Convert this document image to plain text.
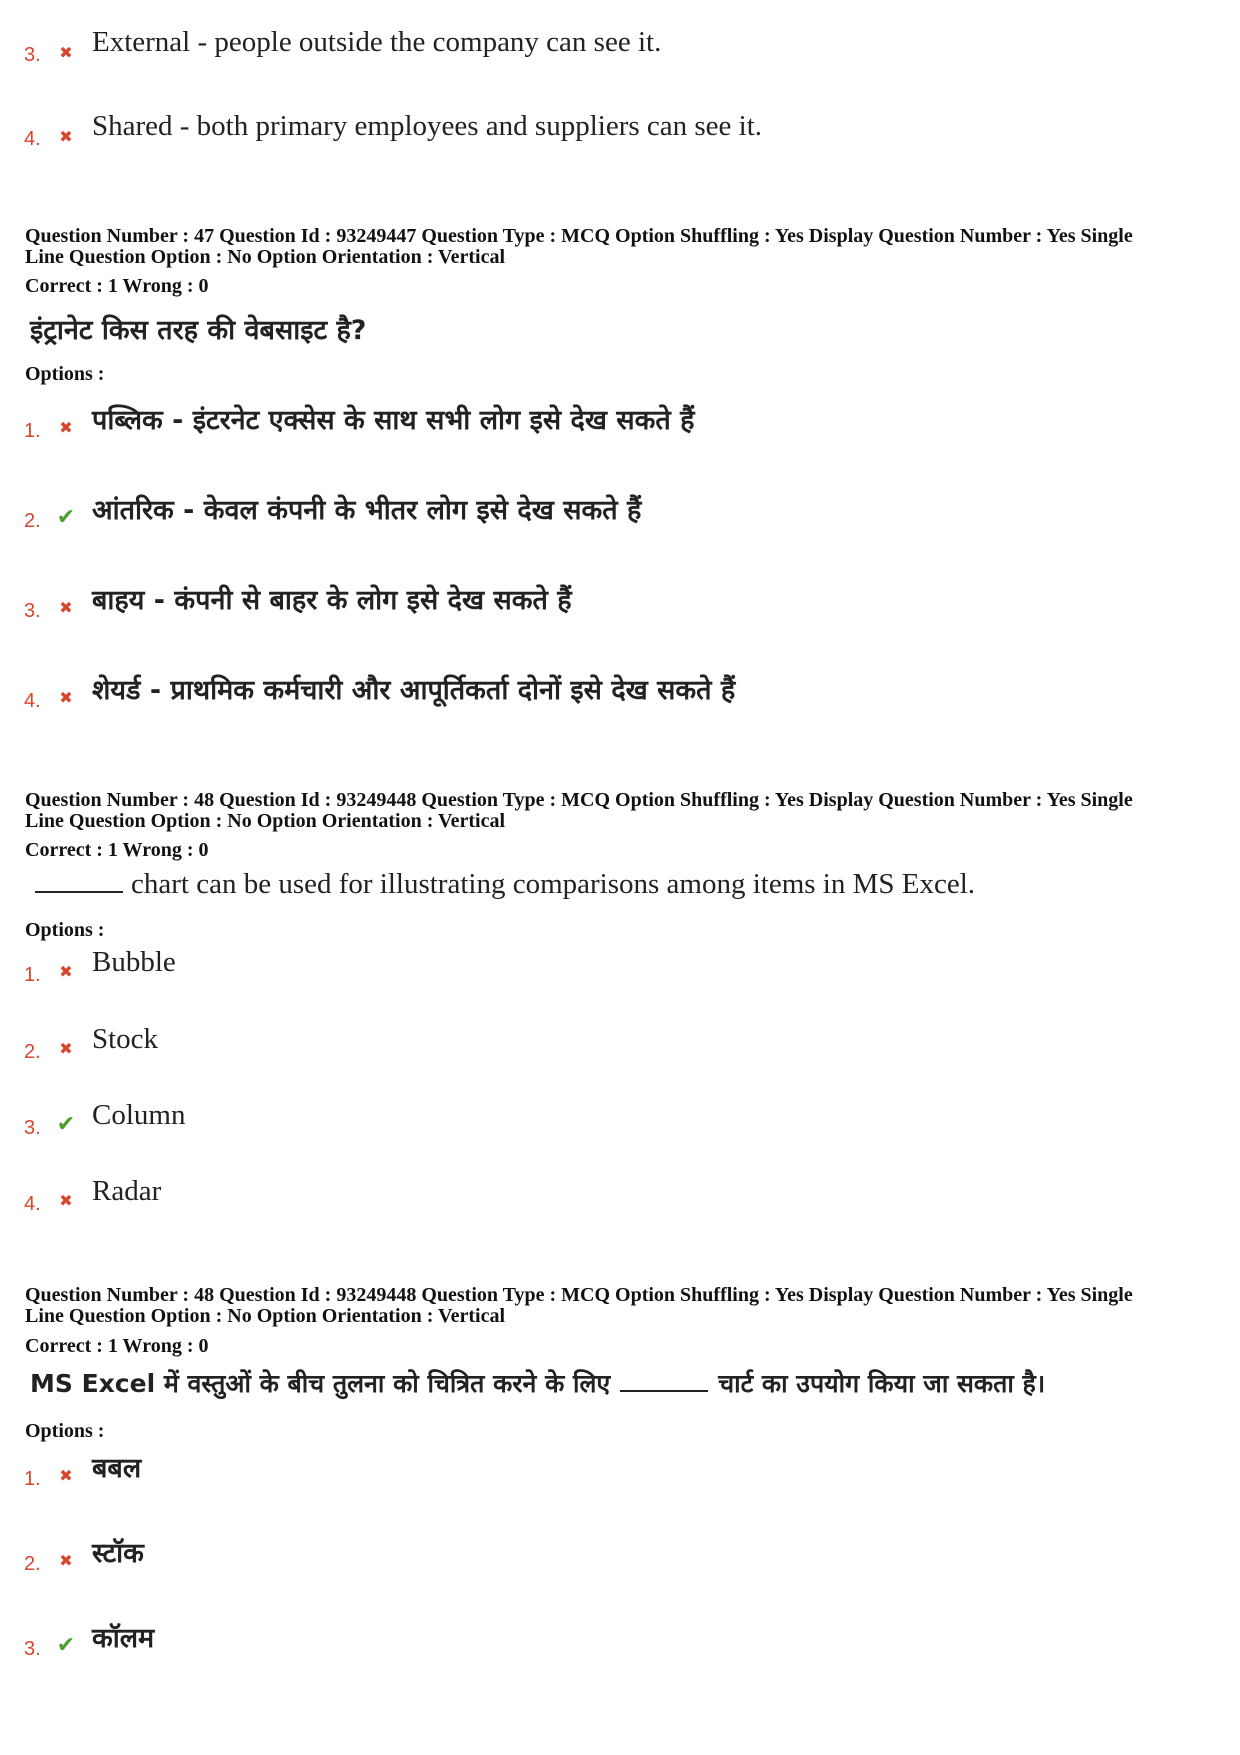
3. ✖ External - people outside the company can see it.
4. ✖ Shared - both primary employees and suppliers can see it.
Question Number : 47 Question Id : 93249447 Question Type : MCQ Option Shuffling : Yes Display Question Number : Yes Single
Line Question Option : No Option Orientation : Vertical
Correct : 1 Wrong : 0
इंट्रानेट किस तरह की वेबसाइट है?
Options :
1. ✖ पब्लिक - इंटरनेट एक्सेस के साथ सभी लोग इसे देख सकते हैं
2. ✔ आंतरिक - केवल कंपनी के भीतर लोग इसे देख सकते हैं
3. ✖ बाहय - कंपनी से बाहर के लोग इसे देख सकते हैं
4. ✖ शेयर्ड - प्राथमिक कर्मचारी और आपूर्तिकर्ता दोनों इसे देख सकते हैं
Question Number : 48 Question Id : 93249448 Question Type : MCQ Option Shuffling : Yes Display Question Number : Yes Single
Line Question Option : No Option Orientation : Vertical
Correct : 1 Wrong : 0
chart can be used for illustrating comparisons among items in MS Excel.
Options :
1. ✖ Bubble
2. ✖ Stock
3. ✔ Column
4. ✖ Radar
Question Number : 48 Question Id : 93249448 Question Type : MCQ Option Shuffling : Yes Display Question Number : Yes Single
Line Question Option : No Option Orientation : Vertical
Correct : 1 Wrong : 0
MS Excel में वस्तुओं के बीच तुलना को चित्रित करने के लिए	चार्ट का उपयोग किया जा सकता है।
Options :
1. ✖ बबल
2. ✖ स्टॉक
3. ✔ कॉलम
